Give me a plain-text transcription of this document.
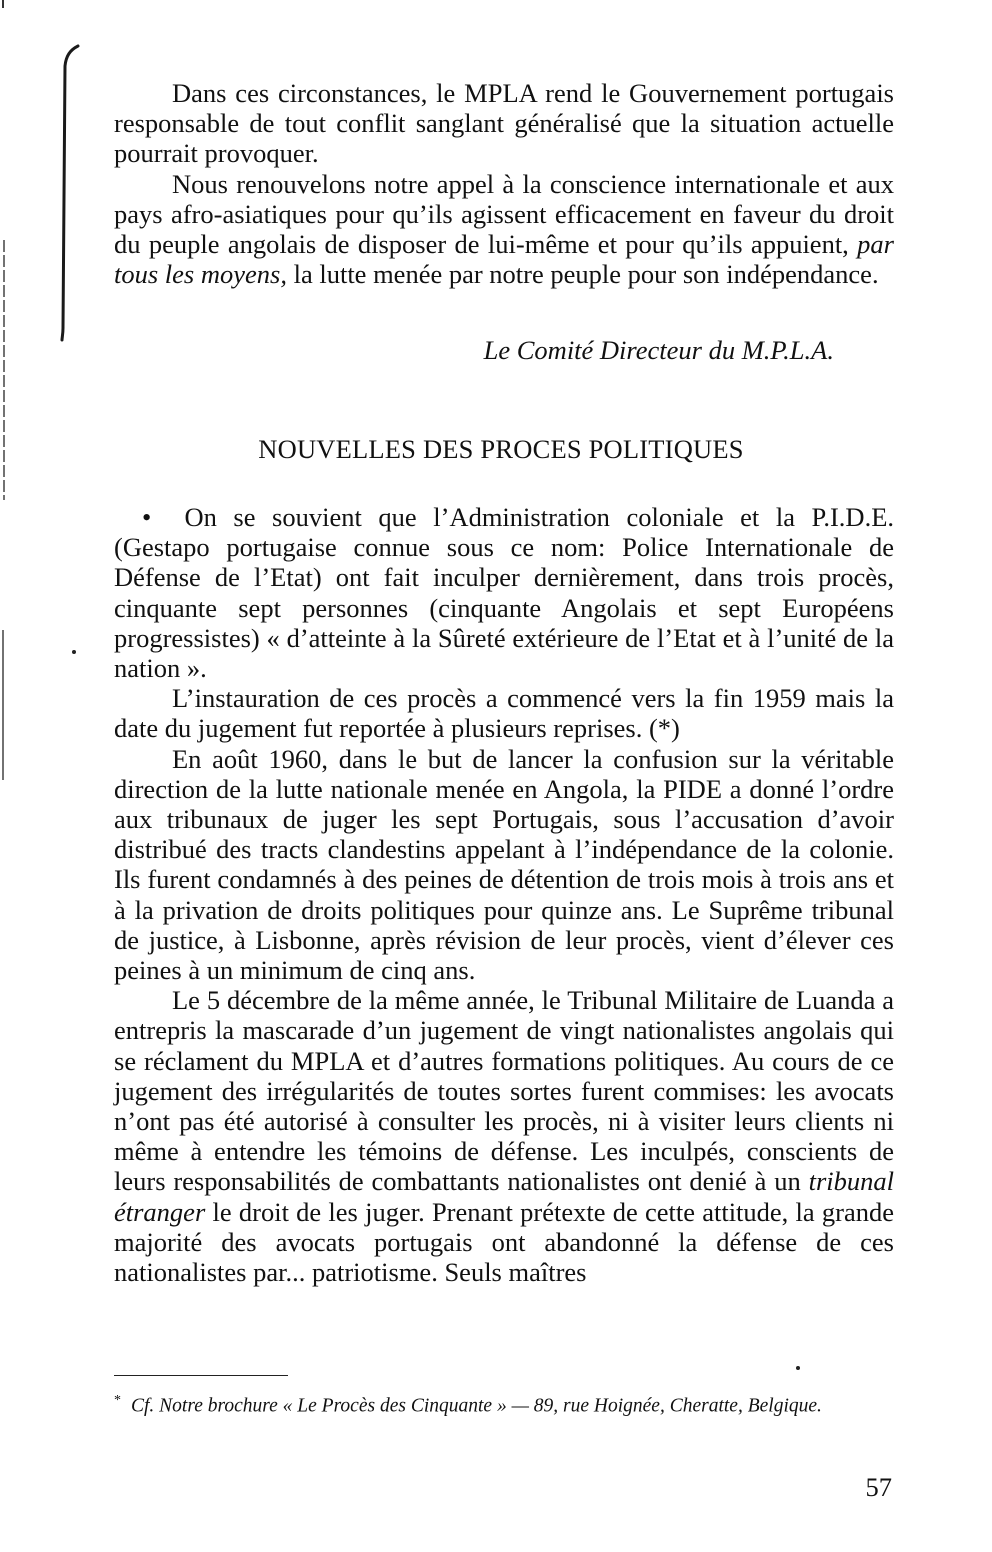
Dans ces circonstances, le MPLA rend le Gouvernement portugais responsable de tout conflit sanglant généralisé que la situation actuelle pourrait provoquer.

Nous renouvelons notre appel à la conscience internationale et aux pays afro-asiatiques pour qu’ils agissent efficacement en faveur du droit du peuple angolais de disposer de lui-même et pour qu’ils appuient, par tous les moyens, la lutte menée par notre peuple pour son indépendance.

Le Comité Directeur du M.P.L.A.
NOUVELLES DES PROCES POLITIQUES

• On se souvient que l’Administration coloniale et la P.I.D.E. (Gestapo portugaise connue sous ce nom: Police Internationale de Défense de l’Etat) ont fait inculper dernièrement, dans trois procès, cinquante sept personnes (cinquante Angolais et sept Européens progressistes) « d’atteinte à la Sûreté extérieure de l’Etat et à l’unité de la nation ».

L’instauration de ces procès a commencé vers la fin 1959 mais la date du jugement fut reportée à plusieurs reprises. (*)

En août 1960, dans le but de lancer la confusion sur la véritable direction de la lutte nationale menée en Angola, la PIDE a donné l’ordre aux tribunaux de juger les sept Portugais, sous l’accusation d’avoir distribué des tracts clandestins appelant à l’indépendance de la colonie. Ils furent condamnés à des peines de détention de trois mois à trois ans et à la privation de droits politiques pour quinze ans. Le Suprême tribunal de justice, à Lisbonne, après révision de leur procès, vient d’élever ces peines à un minimum de cinq ans.

Le 5 décembre de la même année, le Tribunal Militaire de Luanda a entrepris la mascarade d’un jugement de vingt nationalistes angolais qui se réclament du MPLA et d’autres formations politiques. Au cours de ce jugement des irrégularités de toutes sortes furent commises: les avocats n’ont pas été autorisé à consulter les procès, ni à visiter leurs clients ni même à entendre les témoins de défense. Les inculpés, conscients de leurs responsabilités de combattants nationalistes ont denié à un tribunal étranger le droit de les juger. Prenant prétexte de cette attitude, la grande majorité des avocats portugais ont abandonné la défense de ces nationalistes par... patriotisme. Seuls maîtres

* Cf. Notre brochure « Le Procès des Cinquante » — 89, rue Hoignée, Cheratte, Belgique.
57
